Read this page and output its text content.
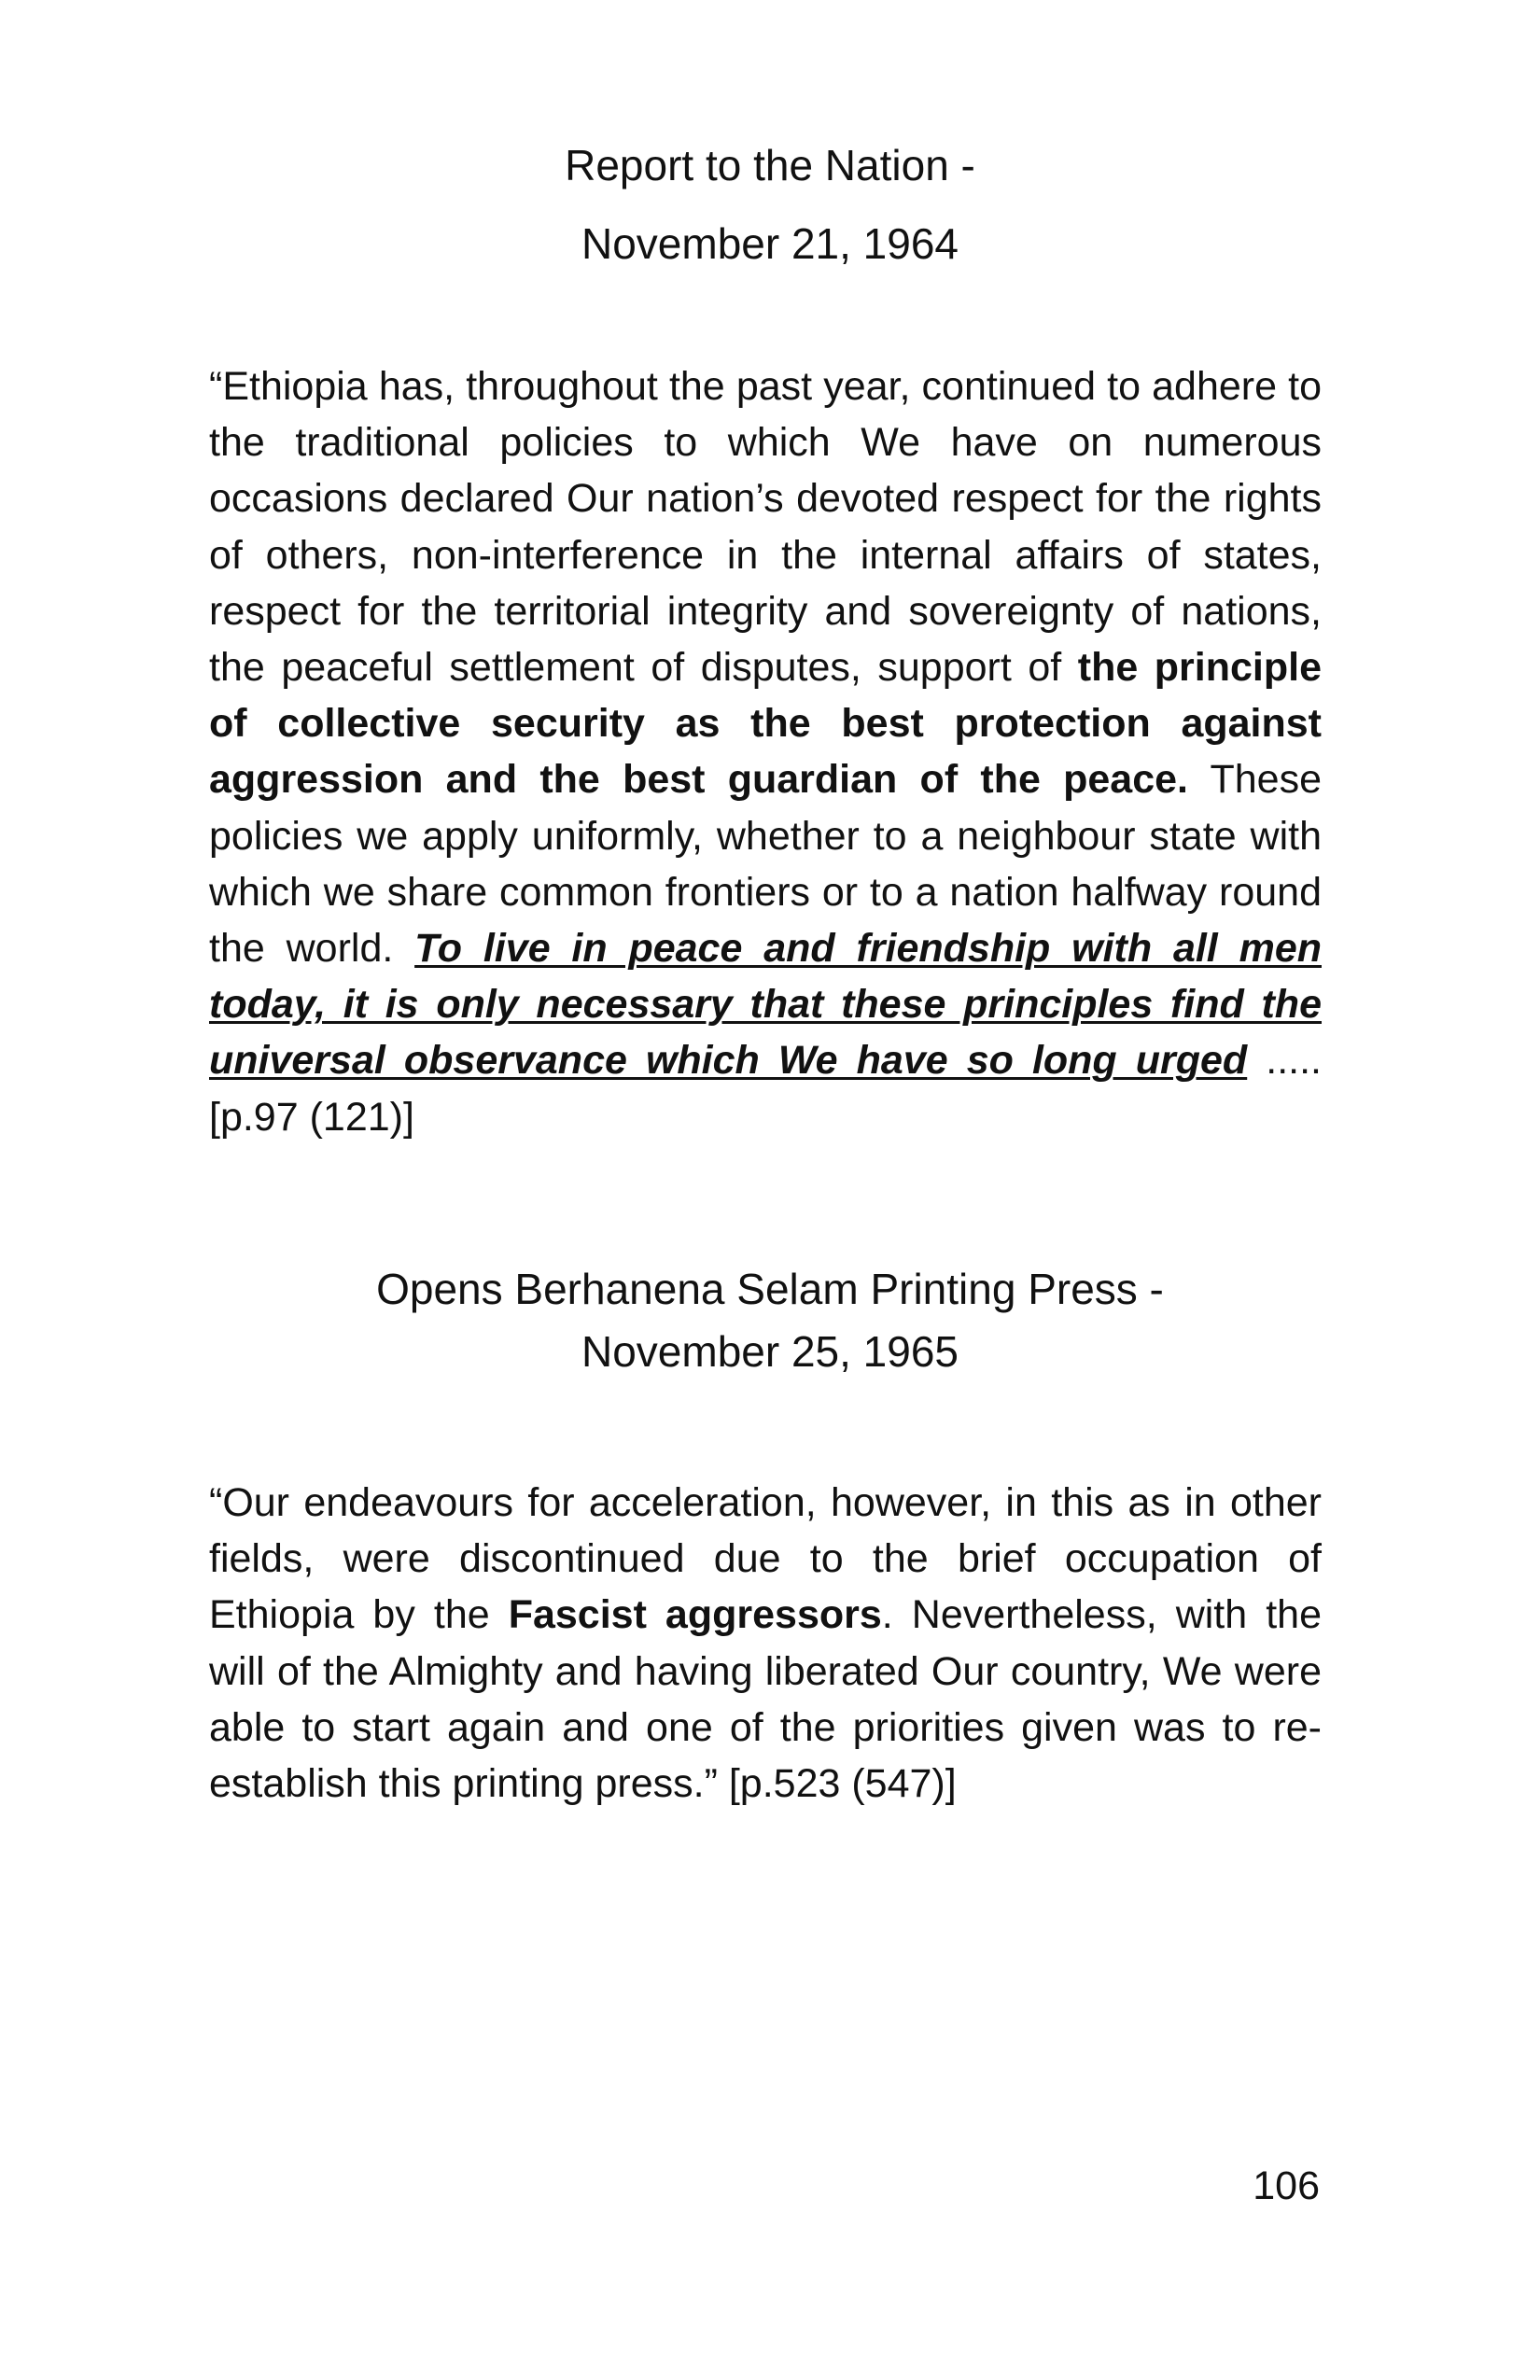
Report to the Nation -
November 21, 1964

“Ethiopia has, throughout the past year, continued to adhere to the traditional policies to which We have on numerous occasions declared Our nation’s devoted respect for the rights of others, non-interference in the internal affairs of states, respect for the territorial integrity and sovereignty of nations, the peaceful settlement of disputes, support of the principle of collective security as the best protection against aggression and the best guardian of the peace. These policies we apply uniformly, whether to a neighbour state with which we share common frontiers or to a nation halfway round the world. To live in peace and friendship with all men today, it is only necessary that these principles find the universal observance which We have so long urged ..... [p.97 (121)]

Opens Berhanena Selam Printing Press -
November 25, 1965

“Our endeavours for acceleration, however, in this as in other fields, were discontinued due to the brief occupation of Ethiopia by the Fascist aggressors. Nevertheless, with the will of the Almighty and having liberated Our country, We were able to start again and one of the priorities given was to re-establish this printing press.” [p.523 (547)]

106
